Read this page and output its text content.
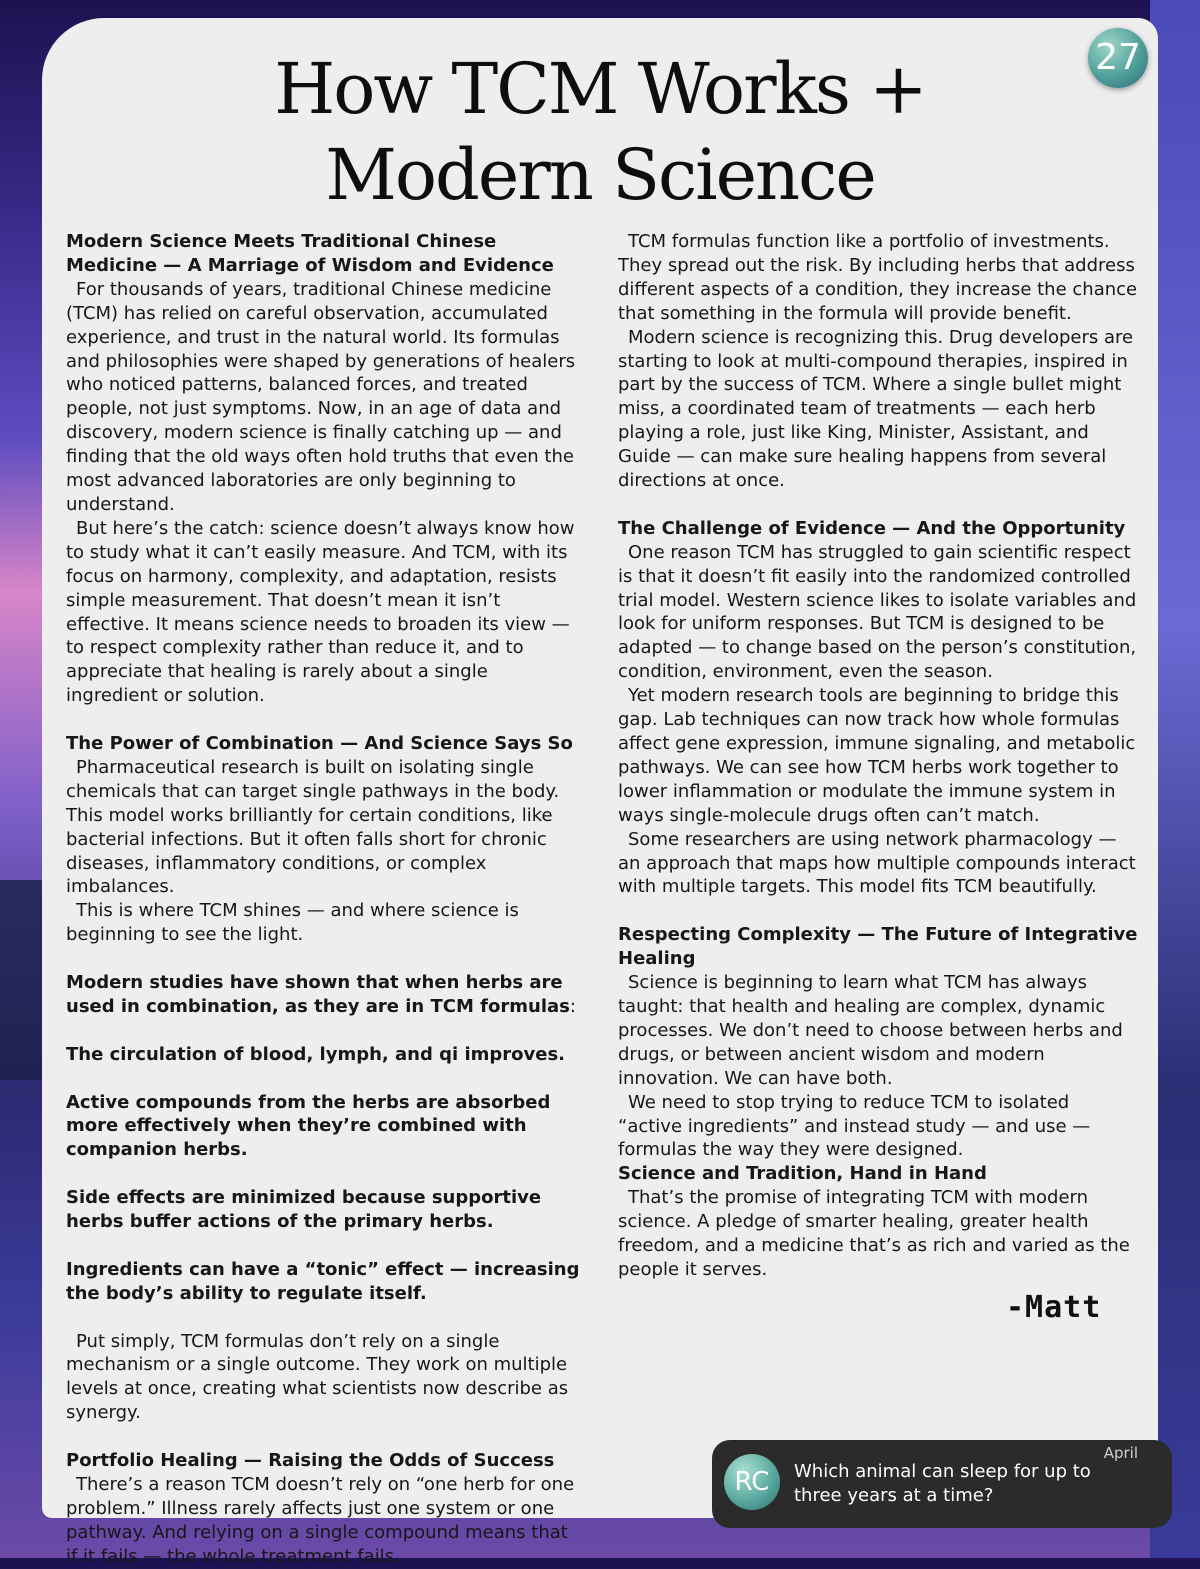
27
How TCM Works +
Modern Science

Modern Science Meets Traditional Chinese Medicine — A Marriage of Wisdom and Evidence

For thousands of years, traditional Chinese medicine (TCM) has relied on careful observation, accumulated experience, and trust in the natural world. Its formulas and philosophies were shaped by generations of healers who noticed patterns, balanced forces, and treated people, not just symptoms. Now, in an age of data and discovery, modern science is finally catching up — and finding that the old ways often hold truths that even the most advanced laboratories are only beginning to understand.

But here’s the catch: science doesn’t always know how to study what it can’t easily measure. And TCM, with its focus on harmony, complexity, and adaptation, resists simple measurement. That doesn’t mean it isn’t effective. It means science needs to broaden its view — to respect complexity rather than reduce it, and to appreciate that healing is rarely about a single ingredient or solution.

The Power of Combination — And Science Says So

Pharmaceutical research is built on isolating single chemicals that can target single pathways in the body. This model works brilliantly for certain conditions, like bacterial infections. But it often falls short for chronic diseases, inflammatory conditions, or complex imbalances.

This is where TCM shines — and where science is beginning to see the light.

Modern studies have shown that when herbs are used in combination, as they are in TCM formulas:

The circulation of blood, lymph, and qi improves.

Active compounds from the herbs are absorbed more effectively when they’re combined with companion herbs.

Side effects are minimized because supportive herbs buffer actions of the primary herbs.

Ingredients can have a “tonic” effect — increasing the body’s ability to regulate itself.

Put simply, TCM formulas don’t rely on a single mechanism or a single outcome. They work on multiple levels at once, creating what scientists now describe as synergy.

Portfolio Healing — Raising the Odds of Success

There’s a reason TCM doesn’t rely on “one herb for one problem.” Illness rarely affects just one system or one pathway. And relying on a single compound means that if it fails — the whole treatment fails.

TCM formulas function like a portfolio of investments. They spread out the risk. By including herbs that address different aspects of a condition, they increase the chance that something in the formula will provide benefit.

Modern science is recognizing this. Drug developers are starting to look at multi-compound therapies, inspired in part by the success of TCM. Where a single bullet might miss, a coordinated team of treatments — each herb playing a role, just like King, Minister, Assistant, and Guide — can make sure healing happens from several directions at once.

The Challenge of Evidence — And the Opportunity

One reason TCM has struggled to gain scientific respect is that it doesn’t fit easily into the randomized controlled trial model. Western science likes to isolate variables and look for uniform responses. But TCM is designed to be adapted — to change based on the person’s constitution, condition, environment, even the season.

Yet modern research tools are beginning to bridge this gap. Lab techniques can now track how whole formulas affect gene expression, immune signaling, and metabolic pathways. We can see how TCM herbs work together to lower inflammation or modulate the immune system in ways single-molecule drugs often can’t match.

Some researchers are using network pharmacology — an approach that maps how multiple compounds interact with multiple targets. This model fits TCM beautifully.

Respecting Complexity — The Future of Integrative Healing

Science is beginning to learn what TCM has always taught: that health and healing are complex, dynamic processes. We don’t need to choose between herbs and drugs, or between ancient wisdom and modern innovation. We can have both.

We need to stop trying to reduce TCM to isolated “active ingredients” and instead study — and use — formulas the way they were designed.

Science and Tradition, Hand in Hand

That’s the promise of integrating TCM with modern science. A pledge of smarter healing, greater health freedom, and a medicine that’s as rich and varied as the people it serves.

-Matt
RC
April
Which animal can sleep for up to three years at a time?
